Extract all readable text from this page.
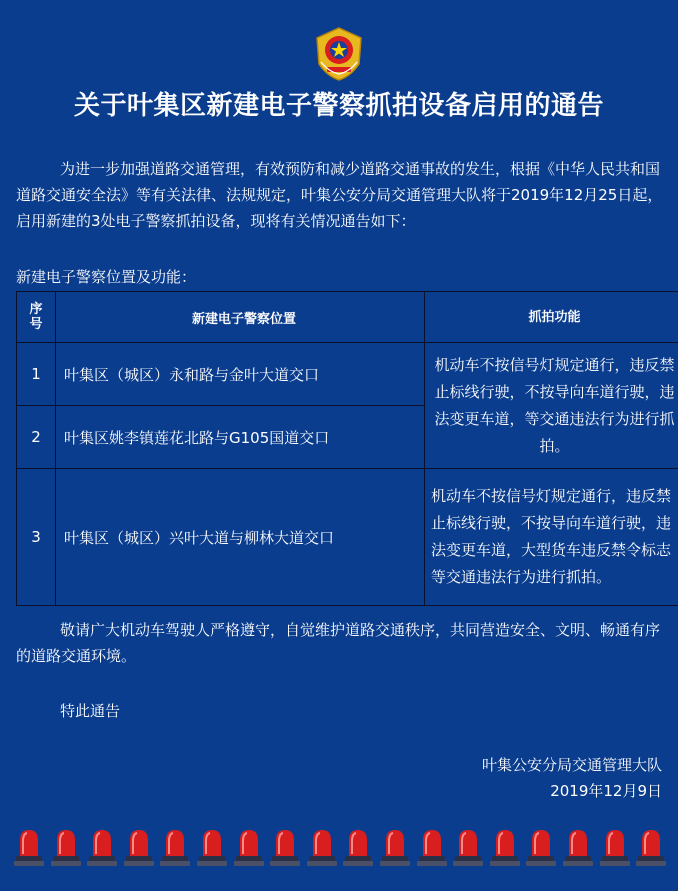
关于叶集区新建电子警察抓拍设备启用的通告
为进一步加强道路交通管理，有效预防和减少道路交通事故的发生，根据《中华人民共和国道路交通安全法》等有关法律、法规规定，叶集公安分局交通管理大队将于2019年12月25日起，启用新建的3处电子警察抓拍设备，现将有关情况通告如下：
新建电子警察位置及功能：
序号	新建电子警察位置	抓拍功能
1	叶集区（城区）永和路与金叶大道交口	机动车不按信号灯规定通行，违反禁止标线行驶，不按导向车道行驶，违法变更车道，等交通违法行为进行抓拍。
2	叶集区姚李镇莲花北路与G105国道交口	
3	叶集区（城区）兴叶大道与柳林大道交口	机动车不按信号灯规定通行，违反禁止标线行驶，不按导向车道行驶，违法变更车道，大型货车违反禁令标志等交通违法行为进行抓拍。
敬请广大机动车驾驶人严格遵守，自觉维护道路交通秩序，共同营造安全、文明、畅通有序的道路交通环境。
特此通告
叶集公安分局交通管理大队
2019年12月9日
